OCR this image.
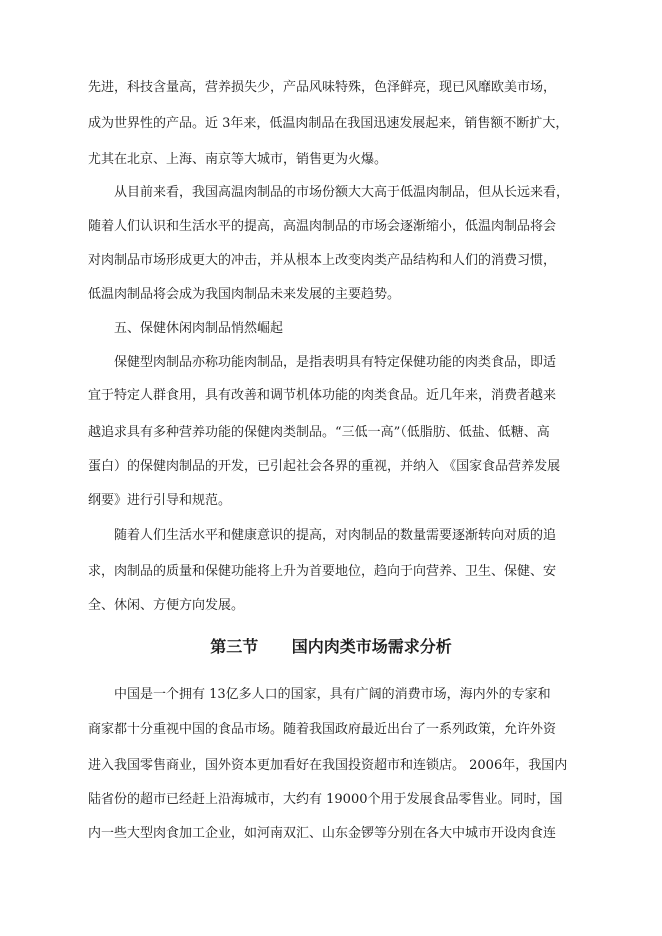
先进，科技含量高，营养损失少，产品风味特殊，色泽鲜亮，现已风靡欧美市场，
成为世界性的产品。近 3年来，低温肉制品在我国迅速发展起来，销售额不断扩大，
尤其在北京、上海、南京等大城市，销售更为火爆。
从目前来看，我国高温肉制品的市场份额大大高于低温肉制品，但从长远来看，
随着人们认识和生活水平的提高，高温肉制品的市场会逐渐缩小，低温肉制品将会
对肉制品市场形成更大的冲击，并从根本上改变肉类产品结构和人们的消费习惯，
低温肉制品将会成为我国肉制品未来发展的主要趋势。
五、保健休闲肉制品悄然崛起
保健型肉制品亦称功能肉制品，是指表明具有特定保健功能的肉类食品，即适
宜于特定人群食用，具有改善和调节机体功能的肉类食品。近几年来，消费者越来
越追求具有多种营养功能的保健肉类制品。“三低一高”（低脂肪、低盐、低糖、高
蛋白）的保健肉制品的开发，已引起社会各界的重视，并纳入 《国家食品营养发展
纲要》进行引导和规范。
随着人们生活水平和健康意识的提高，对肉制品的数量需要逐渐转向对质的追
求，肉制品的质量和保健功能将上升为首要地位，趋向于向营养、卫生、保健、安
全、休闲、方便方向发展。
第三节      国内肉类市场需求分析
中国是一个拥有 13亿多人口的国家，具有广阔的消费市场，海内外的专家和
商家都十分重视中国的食品市场。随着我国政府最近出台了一系列政策，允许外资
进入我国零售商业，国外资本更加看好在我国投资超市和连锁店。 2006年，我国内
陆省份的超市已经赶上沿海城市，大约有 19000个用于发展食品零售业。同时，国
内一些大型肉食加工企业，如河南双汇、山东金锣等分别在各大中城市开设肉食连
